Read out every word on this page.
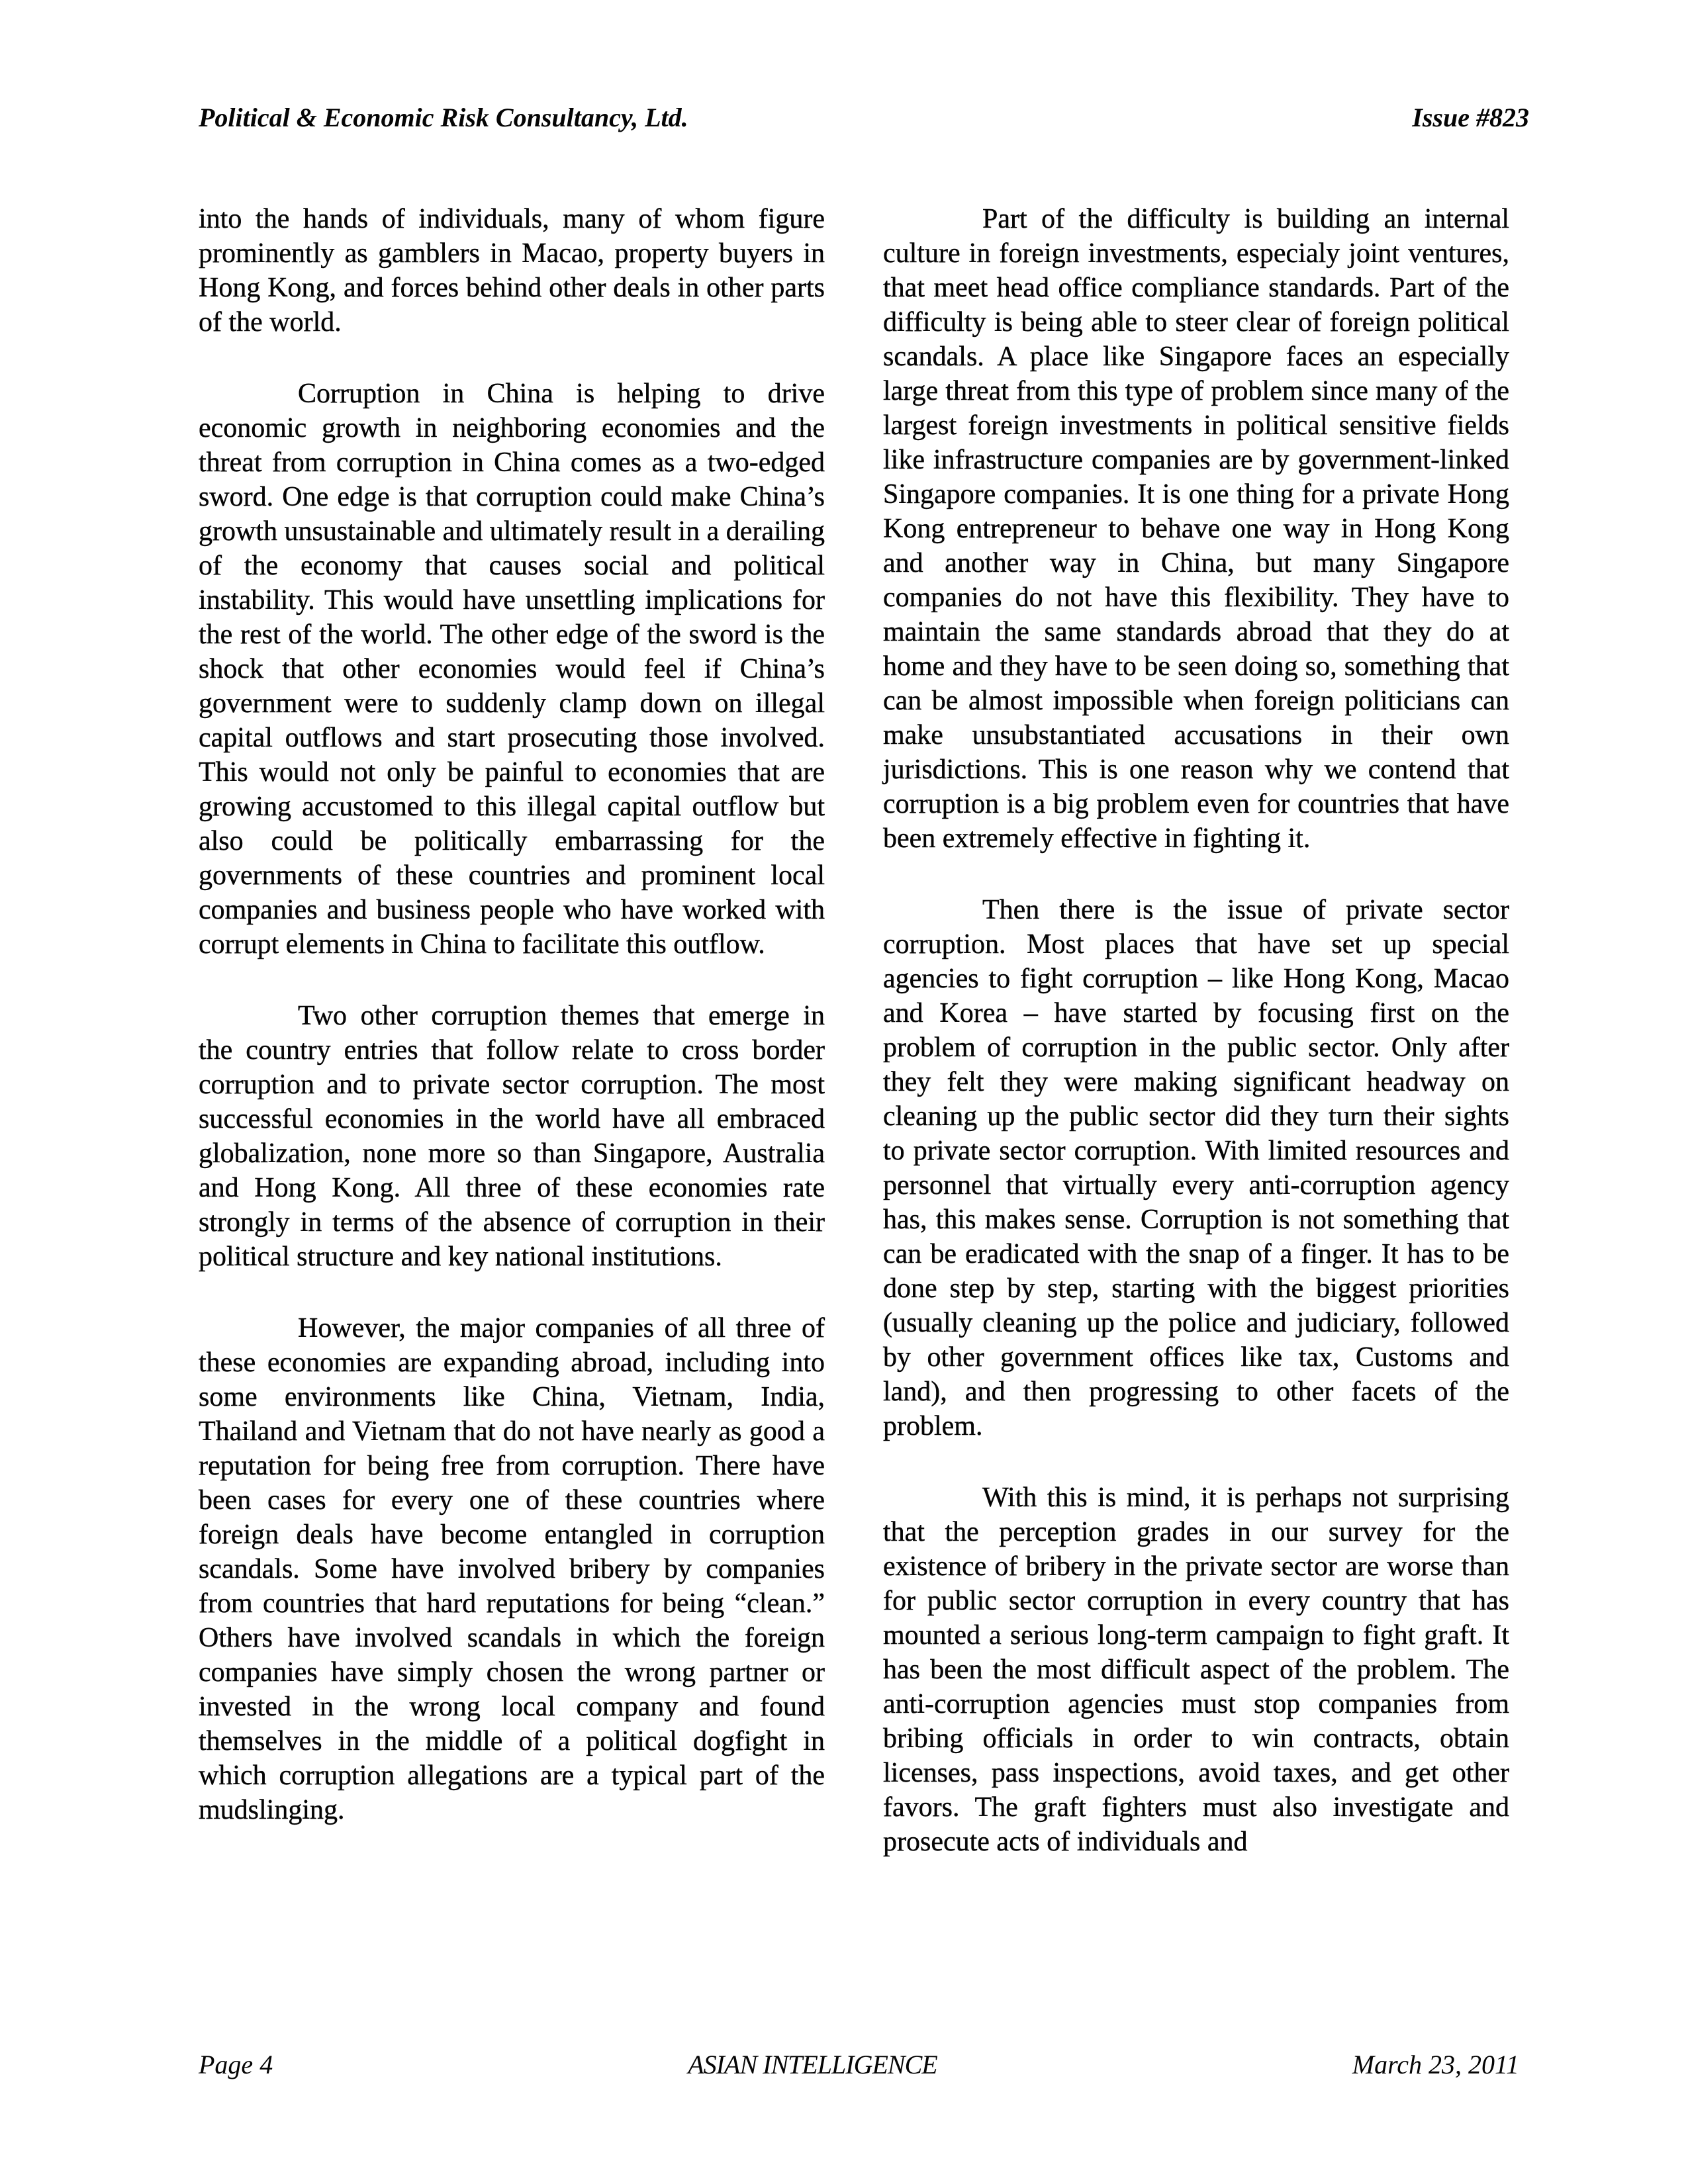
Political & Economic Risk Consultancy, Ltd.	Issue #823

into the hands of individuals, many of whom figure prominently as gamblers in Macao, property buyers in Hong Kong, and forces behind other deals in other parts of the world.

Corruption in China is helping to drive economic growth in neighboring economies and the threat from corruption in China comes as a two-edged sword. One edge is that corruption could make China’s growth unsustainable and ultimately result in a derailing of the economy that causes social and political instability. This would have unsettling implications for the rest of the world. The other edge of the sword is the shock that other economies would feel if China’s government were to suddenly clamp down on illegal capital outflows and start prosecuting those involved. This would not only be painful to economies that are growing accustomed to this illegal capital outflow but also could be politically embarrassing for the governments of these countries and prominent local companies and business people who have worked with corrupt elements in China to facilitate this outflow.

Two other corruption themes that emerge in the country entries that follow relate to cross border corruption and to private sector corruption. The most successful economies in the world have all embraced globalization, none more so than Singapore, Australia and Hong Kong. All three of these economies rate strongly in terms of the absence of corruption in their political structure and key national institutions.

However, the major companies of all three of these economies are expanding abroad, including into some environments like China, Vietnam, India, Thailand and Vietnam that do not have nearly as good a reputation for being free from corruption. There have been cases for every one of these countries where foreign deals have become entangled in corruption scandals. Some have involved bribery by companies from countries that hard reputations for being “clean.” Others have involved scandals in which the foreign companies have simply chosen the wrong partner or invested in the wrong local company and found themselves in the middle of a political dogfight in which corruption allegations are a typical part of the mudslinging.

Part of the difficulty is building an internal culture in foreign investments, especialy joint ventures, that meet head office compliance standards. Part of the difficulty is being able to steer clear of foreign political scandals. A place like Singapore faces an especially large threat from this type of problem since many of the largest foreign investments in political sensitive fields like infrastructure companies are by government-linked Singapore companies. It is one thing for a private Hong Kong entrepreneur to behave one way in Hong Kong and another way in China, but many Singapore companies do not have this flexibility. They have to maintain the same standards abroad that they do at home and they have to be seen doing so, something that can be almost impossible when foreign politicians can make unsubstantiated accusations in their own jurisdictions. This is one reason why we contend that corruption is a big problem even for countries that have been extremely effective in fighting it.

Then there is the issue of private sector corruption. Most places that have set up special agencies to fight corruption – like Hong Kong, Macao and Korea – have started by focusing first on the problem of corruption in the public sector. Only after they felt they were making significant headway on cleaning up the public sector did they turn their sights to private sector corruption. With limited resources and personnel that virtually every anti-corruption agency has, this makes sense. Corruption is not something that can be eradicated with the snap of a finger. It has to be done step by step, starting with the biggest priorities (usually cleaning up the police and judiciary, followed by other government offices like tax, Customs and land), and then progressing to other facets of the problem.

With this is mind, it is perhaps not surprising that the perception grades in our survey for the existence of bribery in the private sector are worse than for public sector corruption in every country that has mounted a serious long-term campaign to fight graft. It has been the most difficult aspect of the problem. The anti-corruption agencies must stop companies from bribing officials in order to win contracts, obtain licenses, pass inspections, avoid taxes, and get other favors. The graft fighters must also investigate and prosecute acts of individuals and

Page 4	ASIAN INTELLIGENCE	March 23, 2011
